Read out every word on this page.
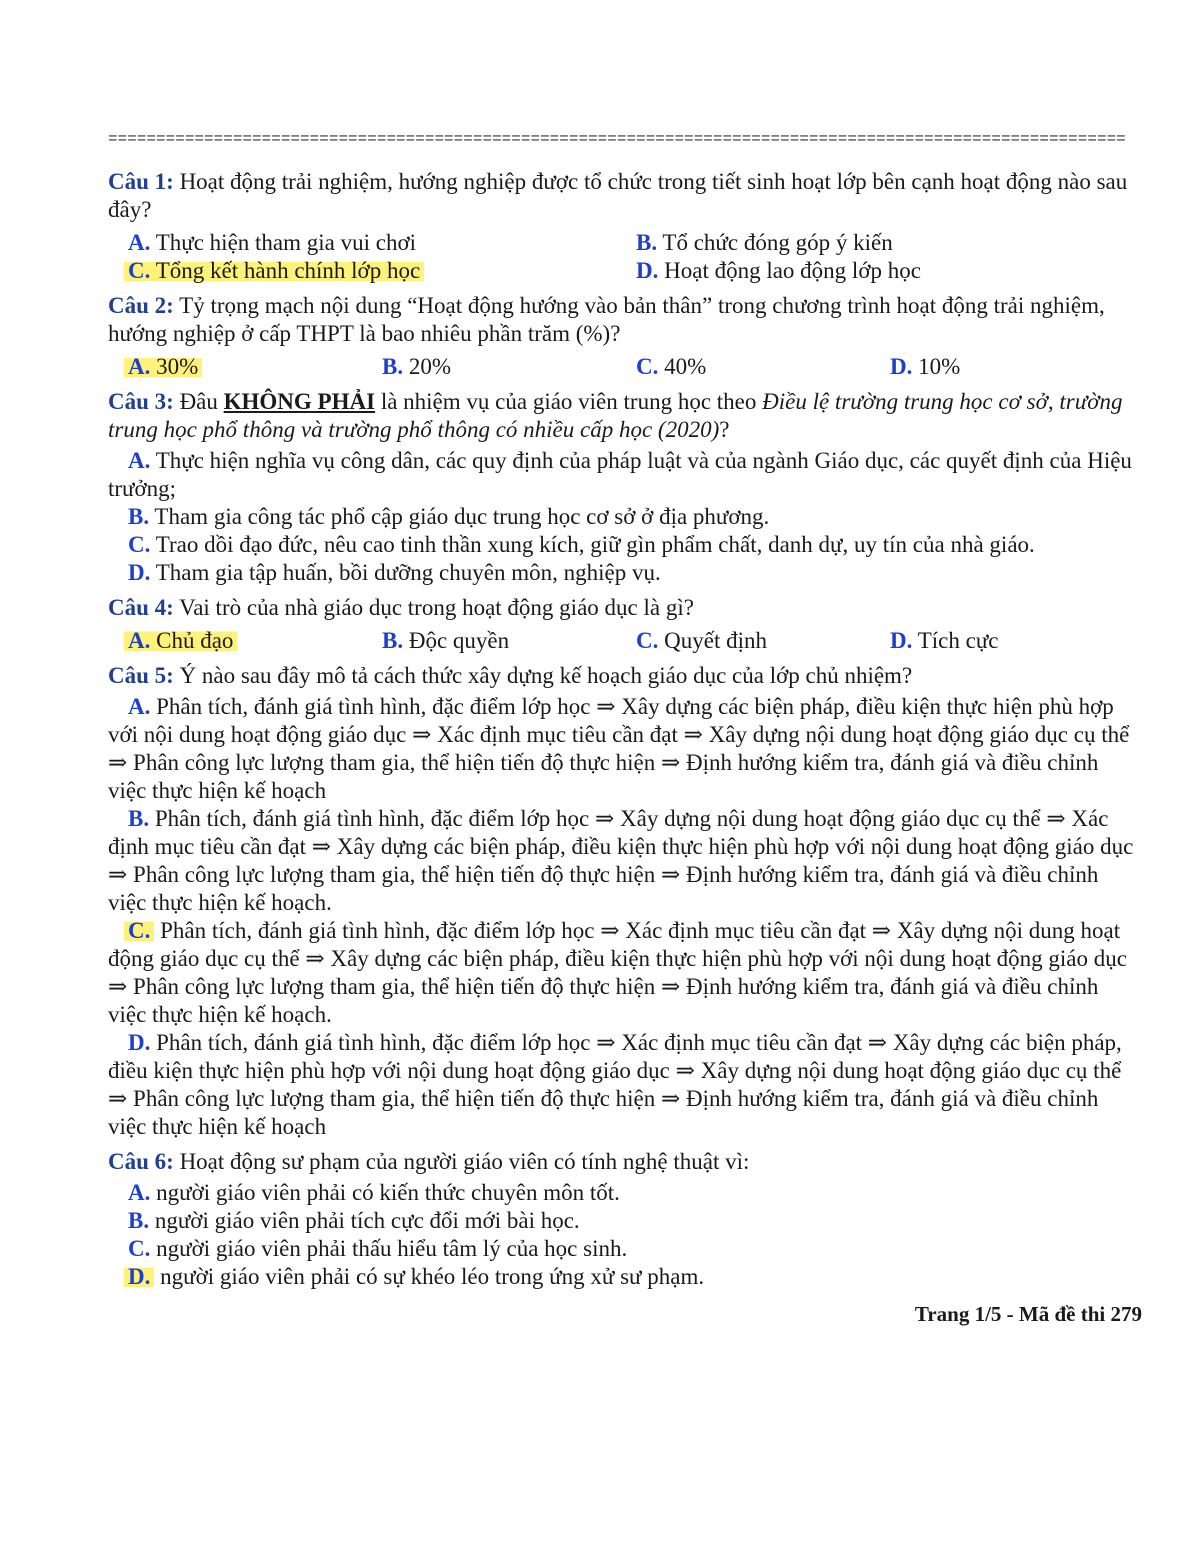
==========================================================================================================
Câu 1: Hoạt động trải nghiệm, hướng nghiệp được tổ chức trong tiết sinh hoạt lớp bên cạnh hoạt động nào sau đây?
A. Thực hiện tham gia vui chơi	B. Tổ chức đóng góp ý kiến
C. Tổng kết hành chính lớp học	D. Hoạt động lao động lớp học
Câu 2: Tỷ trọng mạch nội dung “Hoạt động hướng vào bản thân” trong chương trình hoạt động trải nghiệm, hướng nghiệp ở cấp THPT là bao nhiêu phần trăm (%)?
A. 30%	B. 20%	C. 40%	D. 10%
Câu 3: Đâu KHÔNG PHẢI là nhiệm vụ của giáo viên trung học theo Điều lệ trường trung học cơ sở, trường trung học phổ thông và trường phổ thông có nhiều cấp học (2020)?
A. Thực hiện nghĩa vụ công dân, các quy định của pháp luật và của ngành Giáo dục, các quyết định của Hiệu trưởng;
B. Tham gia công tác phổ cập giáo dục trung học cơ sở ở địa phương.
C. Trao dồi đạo đức, nêu cao tinh thần xung kích, giữ gìn phẩm chất, danh dự, uy tín của nhà giáo.
D. Tham gia tập huấn, bồi dưỡng chuyên môn, nghiệp vụ.
Câu 4: Vai trò của nhà giáo dục trong hoạt động giáo dục là gì?
A. Chủ đạo	B. Độc quyền	C. Quyết định	D. Tích cực
Câu 5: Ý nào sau đây mô tả cách thức xây dựng kế hoạch giáo dục của lớp chủ nhiệm?
A. Phân tích, đánh giá tình hình, đặc điểm lớp học ⇒ Xây dựng các biện pháp, điều kiện thực hiện phù hợp với nội dung hoạt động giáo dục ⇒ Xác định mục tiêu cần đạt ⇒ Xây dựng nội dung hoạt động giáo dục cụ thể ⇒ Phân công lực lượng tham gia, thể hiện tiến độ thực hiện ⇒ Định hướng kiểm tra, đánh giá và điều chỉnh việc thực hiện kế hoạch
B. Phân tích, đánh giá tình hình, đặc điểm lớp học ⇒ Xây dựng nội dung hoạt động giáo dục cụ thể ⇒ Xác định mục tiêu cần đạt ⇒ Xây dựng các biện pháp, điều kiện thực hiện phù hợp với nội dung hoạt động giáo dục ⇒ Phân công lực lượng tham gia, thể hiện tiến độ thực hiện ⇒ Định hướng kiểm tra, đánh giá và điều chỉnh việc thực hiện kế hoạch.
C. Phân tích, đánh giá tình hình, đặc điểm lớp học ⇒ Xác định mục tiêu cần đạt ⇒ Xây dựng nội dung hoạt động giáo dục cụ thể ⇒ Xây dựng các biện pháp, điều kiện thực hiện phù hợp với nội dung hoạt động giáo dục ⇒ Phân công lực lượng tham gia, thể hiện tiến độ thực hiện ⇒ Định hướng kiểm tra, đánh giá và điều chỉnh việc thực hiện kế hoạch.
D. Phân tích, đánh giá tình hình, đặc điểm lớp học ⇒ Xác định mục tiêu cần đạt ⇒ Xây dựng các biện pháp, điều kiện thực hiện phù hợp với nội dung hoạt động giáo dục ⇒ Xây dựng nội dung hoạt động giáo dục cụ thể ⇒ Phân công lực lượng tham gia, thể hiện tiến độ thực hiện ⇒ Định hướng kiểm tra, đánh giá và điều chỉnh việc thực hiện kế hoạch
Câu 6: Hoạt động sư phạm của người giáo viên có tính nghệ thuật vì:
A. người giáo viên phải có kiến thức chuyên môn tốt.
B. người giáo viên phải tích cực đổi mới bài học.
C. người giáo viên phải thấu hiểu tâm lý của học sinh.
D. người giáo viên phải có sự khéo léo trong ứng xử sư phạm.
Trang 1/5 - Mã đề thi 279
